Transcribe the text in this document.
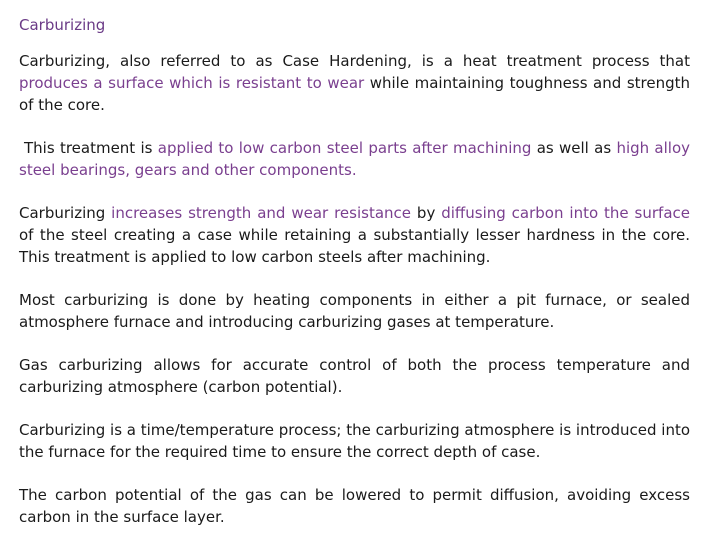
Carburizing

Carburizing, also referred to as Case Hardening, is a heat treatment process that produces a surface which is resistant to wear while maintaining toughness and strength of the core.

This treatment is applied to low carbon steel parts after machining as well as high alloy steel bearings, gears and other components.

Carburizing increases strength and wear resistance by diffusing carbon into the surface of the steel creating a case while retaining a substantially lesser hardness in the core. This treatment is applied to low carbon steels after machining.

Most carburizing is done by heating components in either a pit furnace, or sealed atmosphere furnace and introducing carburizing gases at temperature.

Gas carburizing allows for accurate control of both the process temperature and carburizing atmosphere (carbon potential).

Carburizing is a time/temperature process; the carburizing atmosphere is introduced into the furnace for the required time to ensure the correct depth of case.

The carbon potential of the gas can be lowered to permit diffusion, avoiding excess carbon in the surface layer.
